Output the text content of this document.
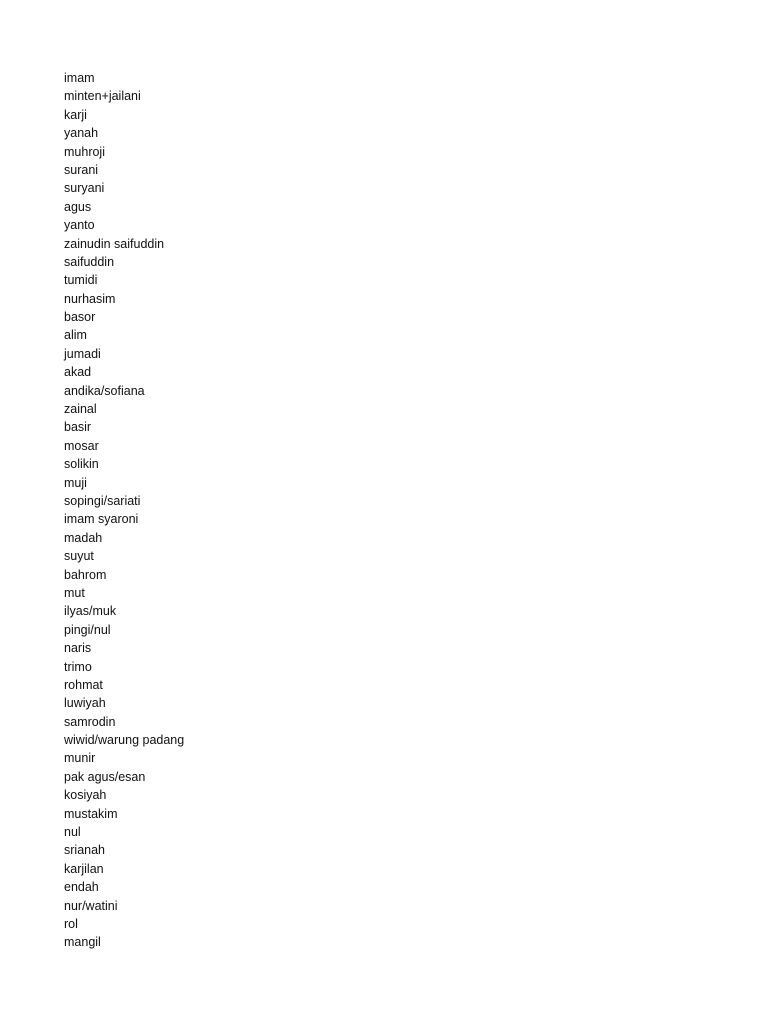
imam
minten+jailani
karji
yanah
muhroji
surani
suryani
agus
yanto
zainudin saifuddin
saifuddin
tumidi
nurhasim
basor
alim
jumadi
akad
andika/sofiana
zainal
basir
mosar
solikin
muji
sopingi/sariati
imam syaroni
madah
suyut
bahrom
mut
ilyas/muk
pingi/nul
naris
trimo
rohmat
luwiyah
samrodin
wiwid/warung padang
munir
pak agus/esan
kosiyah
mustakim
nul
srianah
karjilan
endah
nur/watini
rol
mangil
